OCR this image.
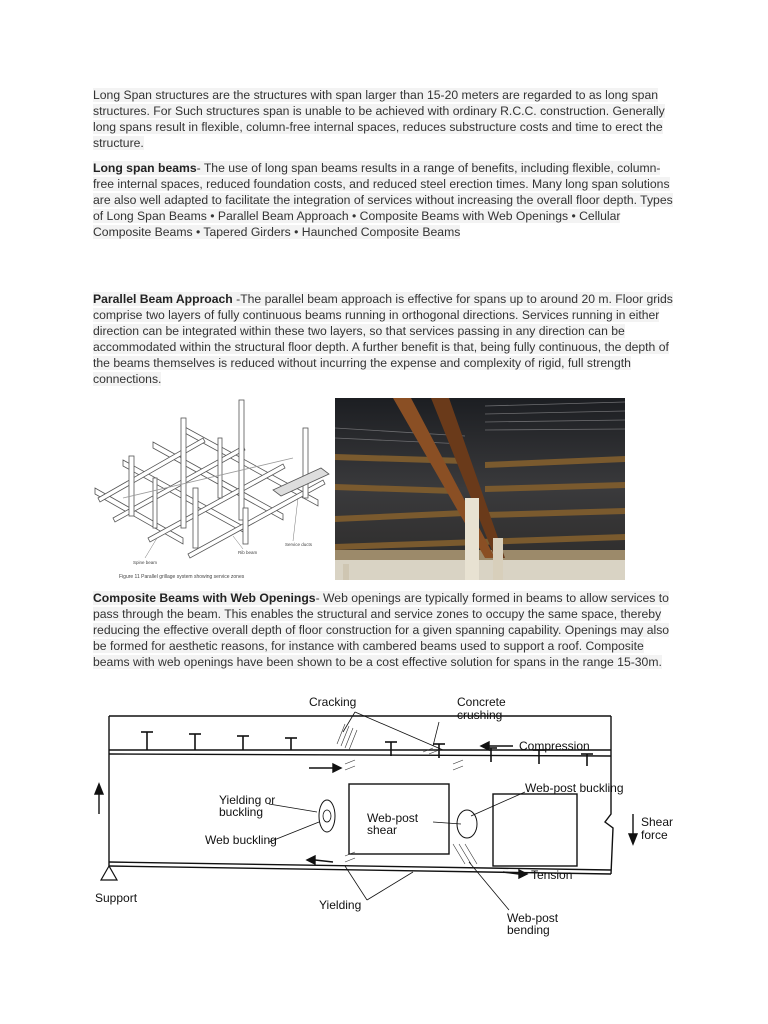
Long Span structures are the structures with span larger than 15-20 meters are regarded to as long span structures. For Such structures span is unable to be achieved with ordinary R.C.C. construction. Generally long spans result in flexible, column-free internal spaces, reduces substructure costs and time to erect the structure.

Long span beams- The use of long span beams results in a range of benefits, including flexible, column-free internal spaces, reduced foundation costs, and reduced steel erection times. Many long span solutions are also well adapted to facilitate the integration of services without increasing the overall floor depth. Types of Long Span Beams • Parallel Beam Approach • Composite Beams with Web Openings • Cellular Composite Beams • Tapered Girders • Haunched Composite Beams

Parallel Beam Approach -The parallel beam approach is effective for spans up to around 20 m. Floor grids comprise two layers of fully continuous beams running in orthogonal directions. Services running in either direction can be integrated within these two layers, so that services passing in any direction can be accommodated within the structural floor depth. A further benefit is that, being fully continuous, the depth of the beams themselves is reduced without incurring the expense and complexity of rigid, full strength connections.

Spine beam
Rib beam
Service ducts
Figure 11 Parallel grillage system showing service zones

Composite Beams with Web Openings- Web openings are typically formed in beams to allow services to pass through the beam. This enables the structural and service zones to occupy the same space, thereby reducing the effective overall depth of floor construction for a given spanning capability. Openings may also be formed for aesthetic reasons, for instance with cambered beams used to support a roof. Composite beams with web openings have been shown to be a cost effective solution for spans in the range 15-30m.

Cracking	Concrete
crushing
Compression
Yielding or
buckling
Web buckling
Web-post
shear
Web-post buckling
Shear
force
Tension
Support	Yielding
Web-post
bending
